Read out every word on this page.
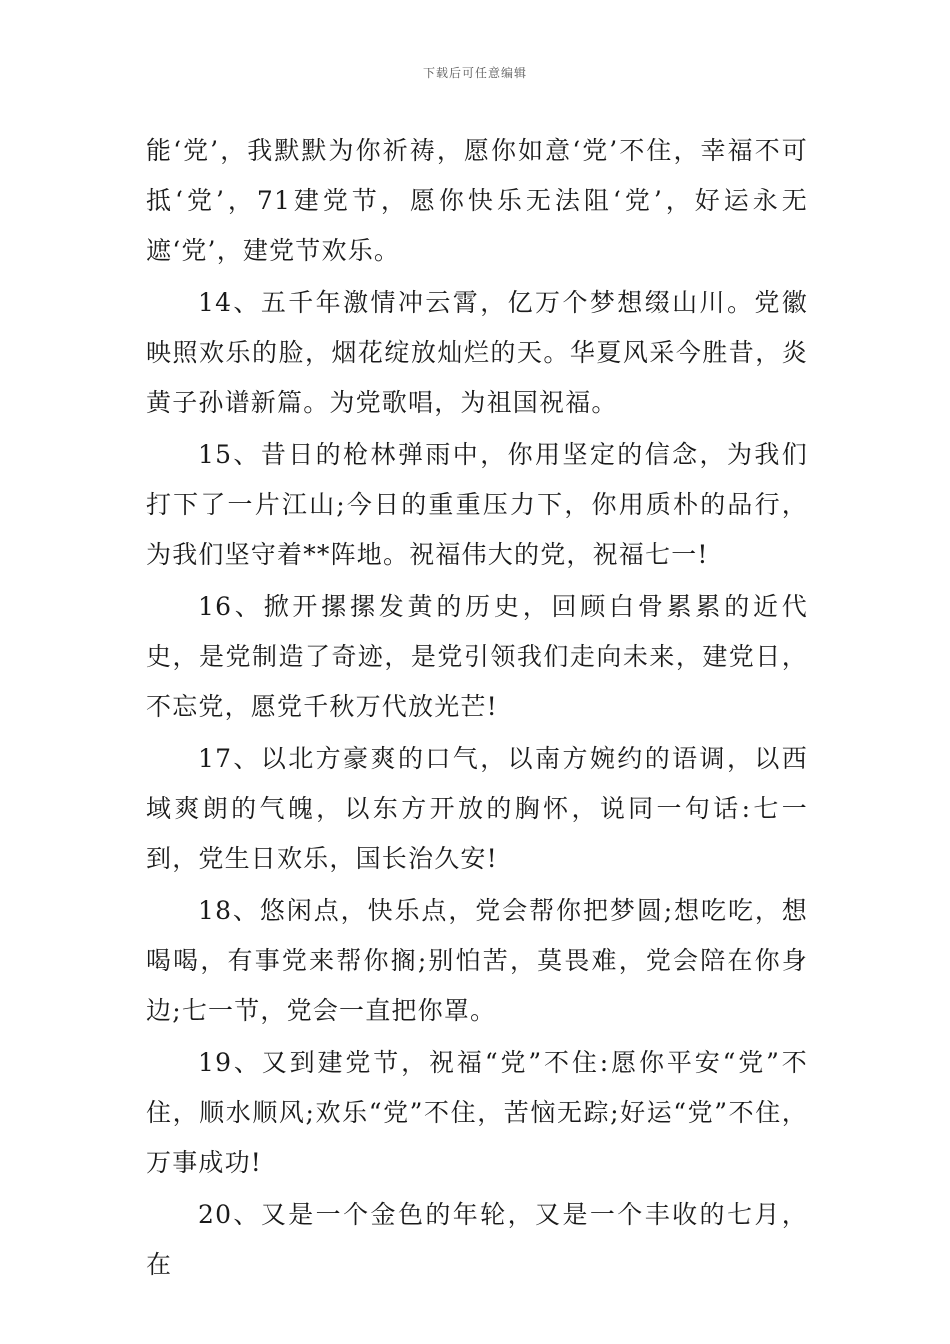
下载后可任意编辑

能‘党’，我默默为你祈祷，愿你如意‘党’不住，幸福不可抵‘党’，71建党节，愿你快乐无法阻‘党’，好运永无遮‘党’，建党节欢乐。

14、五千年激情冲云霄，亿万个梦想缀山川。党徽映照欢乐的脸，烟花绽放灿烂的天。华夏风采今胜昔，炎黄子孙谱新篇。为党歌唱，为祖国祝福。

15、昔日的枪林弹雨中，你用坚定的信念，为我们打下了一片江山;今日的重重压力下，你用质朴的品行，为我们坚守着**阵地。祝福伟大的党，祝福七一!

16、掀开摞摞发黄的历史，回顾白骨累累的近代史，是党制造了奇迹，是党引领我们走向未来，建党日，不忘党，愿党千秋万代放光芒!

17、以北方豪爽的口气，以南方婉约的语调，以西域爽朗的气魄，以东方开放的胸怀，说同一句话:七一到，党生日欢乐，国长治久安!

18、悠闲点，快乐点，党会帮你把梦圆;想吃吃，想喝喝，有事党来帮你搁;别怕苦，莫畏难，党会陪在你身边;七一节，党会一直把你罩。

19、又到建党节，祝福“党”不住:愿你平安“党”不住，顺水顺风;欢乐“党”不住，苦恼无踪;好运“党”不住，万事成功!

20、又是一个金色的年轮，又是一个丰收的七月，在
